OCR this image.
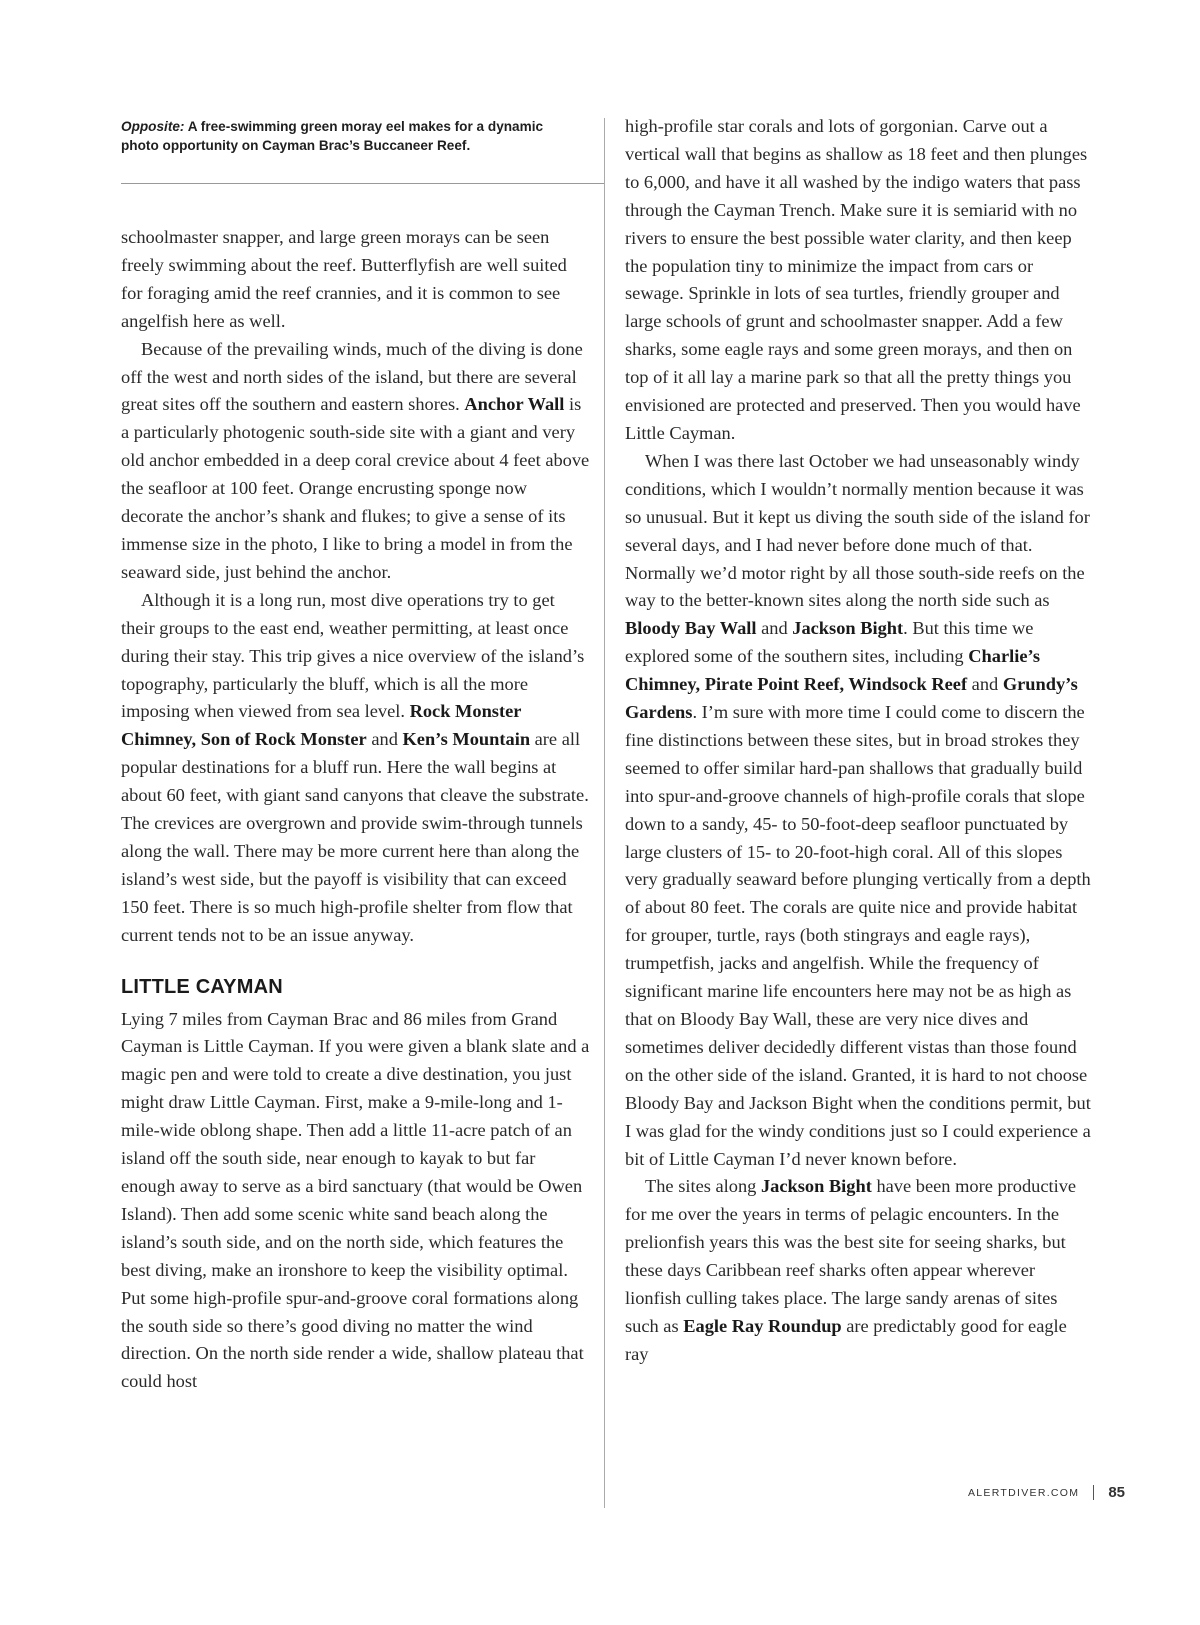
Opposite: A free-swimming green moray eel makes for a dynamic photo opportunity on Cayman Brac’s Buccaneer Reef.

schoolmaster snapper, and large green morays can be seen freely swimming about the reef. Butterflyfish are well suited for foraging amid the reef crannies, and it is common to see angelfish here as well.

Because of the prevailing winds, much of the diving is done off the west and north sides of the island, but there are several great sites off the southern and eastern shores. Anchor Wall is a particularly photogenic south-side site with a giant and very old anchor embedded in a deep coral crevice about 4 feet above the seafloor at 100 feet. Orange encrusting sponge now decorate the anchor’s shank and flukes; to give a sense of its immense size in the photo, I like to bring a model in from the seaward side, just behind the anchor.

Although it is a long run, most dive operations try to get their groups to the east end, weather permitting, at least once during their stay. This trip gives a nice overview of the island’s topography, particularly the bluff, which is all the more imposing when viewed from sea level. Rock Monster Chimney, Son of Rock Monster and Ken’s Mountain are all popular destinations for a bluff run. Here the wall begins at about 60 feet, with giant sand canyons that cleave the substrate. The crevices are overgrown and provide swim-through tunnels along the wall. There may be more current here than along the island’s west side, but the payoff is visibility that can exceed 150 feet. There is so much high-profile shelter from flow that current tends not to be an issue anyway.

LITTLE CAYMAN

Lying 7 miles from Cayman Brac and 86 miles from Grand Cayman is Little Cayman. If you were given a blank slate and a magic pen and were told to create a dive destination, you just might draw Little Cayman. First, make a 9-mile-long and 1-mile-wide oblong shape. Then add a little 11-acre patch of an island off the south side, near enough to kayak to but far enough away to serve as a bird sanctuary (that would be Owen Island). Then add some scenic white sand beach along the island’s south side, and on the north side, which features the best diving, make an ironshore to keep the visibility optimal. Put some high-profile spur-and-groove coral formations along the south side so there’s good diving no matter the wind direction. On the north side render a wide, shallow plateau that could host

high-profile star corals and lots of gorgonian. Carve out a vertical wall that begins as shallow as 18 feet and then plunges to 6,000, and have it all washed by the indigo waters that pass through the Cayman Trench. Make sure it is semiarid with no rivers to ensure the best possible water clarity, and then keep the population tiny to minimize the impact from cars or sewage. Sprinkle in lots of sea turtles, friendly grouper and large schools of grunt and schoolmaster snapper. Add a few sharks, some eagle rays and some green morays, and then on top of it all lay a marine park so that all the pretty things you envisioned are protected and preserved. Then you would have Little Cayman.

When I was there last October we had unseasonably windy conditions, which I wouldn’t normally mention because it was so unusual. But it kept us diving the south side of the island for several days, and I had never before done much of that. Normally we’d motor right by all those south-side reefs on the way to the better-known sites along the north side such as Bloody Bay Wall and Jackson Bight. But this time we explored some of the southern sites, including Charlie’s Chimney, Pirate Point Reef, Windsock Reef and Grundy’s Gardens. I’m sure with more time I could come to discern the fine distinctions between these sites, but in broad strokes they seemed to offer similar hard-pan shallows that gradually build into spur-and-groove channels of high-profile corals that slope down to a sandy, 45- to 50-foot-deep seafloor punctuated by large clusters of 15- to 20-foot-high coral. All of this slopes very gradually seaward before plunging vertically from a depth of about 80 feet. The corals are quite nice and provide habitat for grouper, turtle, rays (both stingrays and eagle rays), trumpetfish, jacks and angelfish. While the frequency of significant marine life encounters here may not be as high as that on Bloody Bay Wall, these are very nice dives and sometimes deliver decidedly different vistas than those found on the other side of the island. Granted, it is hard to not choose Bloody Bay and Jackson Bight when the conditions permit, but I was glad for the windy conditions just so I could experience a bit of Little Cayman I’d never known before.

The sites along Jackson Bight have been more productive for me over the years in terms of pelagic encounters. In the prelionfish years this was the best site for seeing sharks, but these days Caribbean reef sharks often appear wherever lionfish culling takes place. The large sandy arenas of sites such as Eagle Ray Roundup are predictably good for eagle ray

ALERTDIVER.COM 85
